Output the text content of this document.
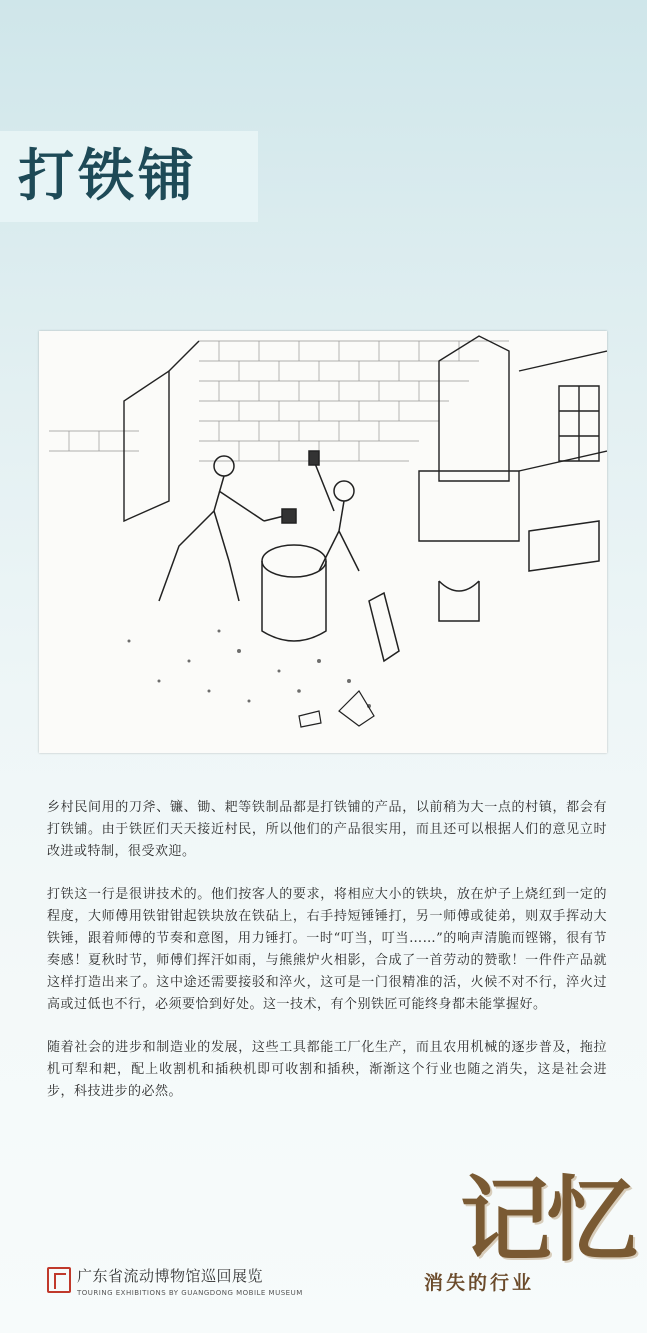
打铁铺

乡村民间用的刀斧、镰、锄、耙等铁制品都是打铁铺的产品，以前稍为大一点的村镇，都会有打铁铺。由于铁匠们天天接近村民，所以他们的产品很实用，而且还可以根据人们的意见立时改进或特制，很受欢迎。

打铁这一行是很讲技术的。他们按客人的要求，将相应大小的铁块，放在炉子上烧红到一定的程度，大师傅用铁钳钳起铁块放在铁砧上，右手持短锤锤打，另一师傅或徒弟，则双手挥动大铁锤，跟着师傅的节奏和意图，用力锤打。一时“叮当，叮当……”的响声清脆而铿锵，很有节奏感！夏秋时节，师傅们挥汗如雨，与熊熊炉火相影，合成了一首劳动的赞歌！一件件产品就这样打造出来了。这中途还需要接驳和淬火，这可是一门很精准的活，火候不对不行，淬火过高或过低也不行，必须要恰到好处。这一技术，有个别铁匠可能终身都未能掌握好。

随着社会的进步和制造业的发展，这些工具都能工厂化生产，而且农用机械的逐步普及，拖拉机可犁和耙，配上收割机和插秧机即可收割和插秧，渐渐这个行业也随之消失，这是社会进步，科技进步的必然。

广东省流动博物馆巡回展览
TOURING EXHIBITIONS BY GUANGDONG MOBILE MUSEUM
记忆
消失的行业
